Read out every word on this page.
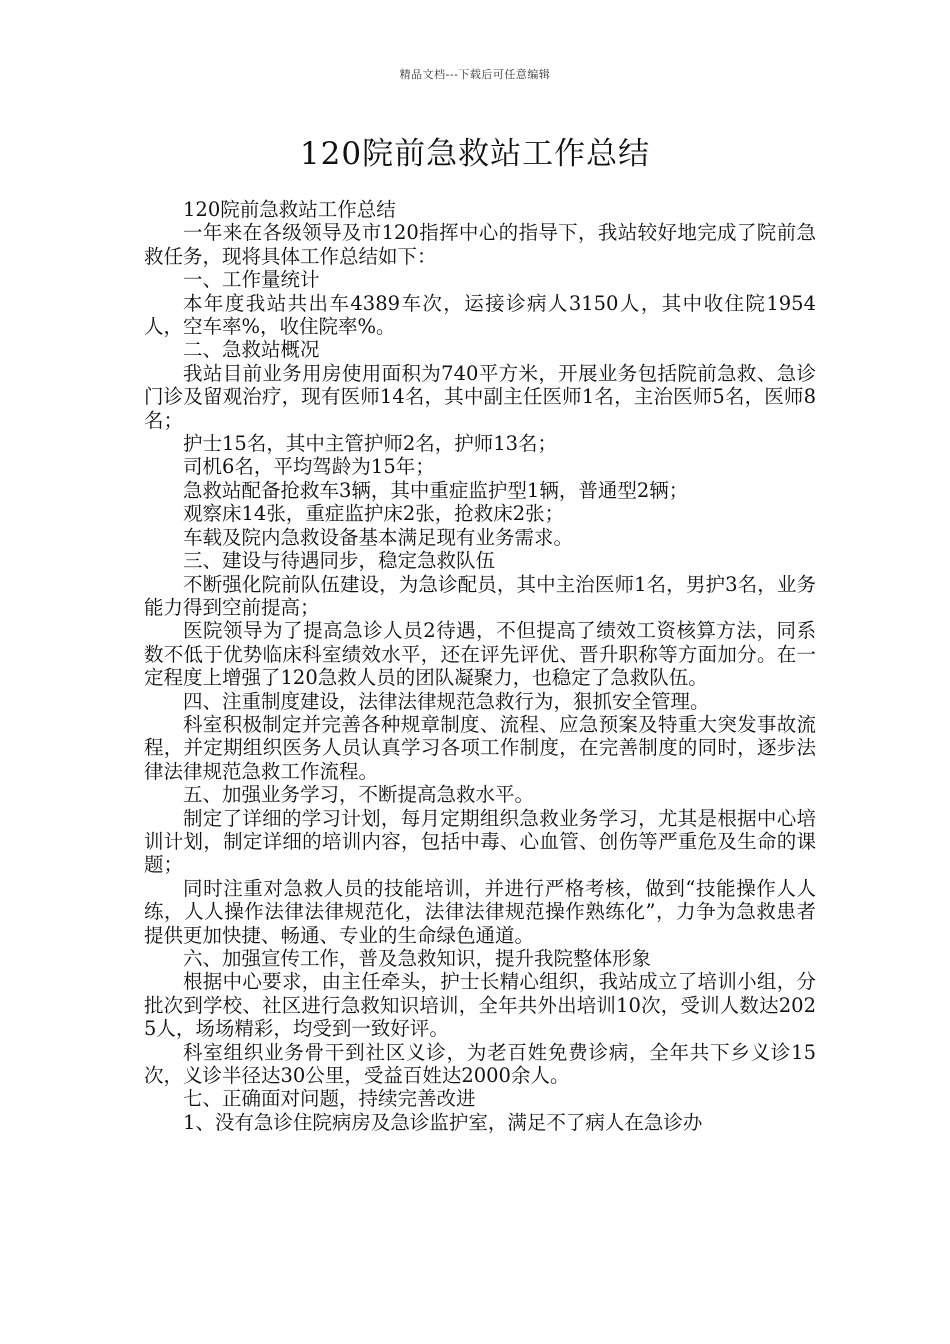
精品文档---下载后可任意编辑
120院前急救站工作总结

120院前急救站工作总结

一年来在各级领导及市120指挥中心的指导下，我站较好地完成了院前急救任务，现将具体工作总结如下：

一、工作量统计

本年度我站共出车4389车次，运接诊病人3150人，其中收住院1954人，空车率%，收住院率%。

二、急救站概况

我站目前业务用房使用面积为740平方米，开展业务包括院前急救、急诊门诊及留观治疗，现有医师14名，其中副主任医师1名，主治医师5名，医师8名；

护士15名，其中主管护师2名，护师13名；

司机6名，平均驾龄为15年；

急救站配备抢救车3辆，其中重症监护型1辆，普通型2辆；

观察床14张，重症监护床2张，抢救床2张；

车载及院内急救设备基本满足现有业务需求。

三、建设与待遇同步，稳定急救队伍

不断强化院前队伍建设，为急诊配员，其中主治医师1名，男护3名，业务能力得到空前提高；

医院领导为了提高急诊人员2待遇，不但提高了绩效工资核算方法，同系数不低于优势临床科室绩效水平，还在评先评优、晋升职称等方面加分。在一定程度上增强了120急救人员的团队凝聚力，也稳定了急救队伍。

四、注重制度建设，法律法律规范急救行为，狠抓安全管理。

科室积极制定并完善各种规章制度、流程、应急预案及特重大突发事故流程，并定期组织医务人员认真学习各项工作制度，在完善制度的同时，逐步法律法律规范急救工作流程。

五、加强业务学习，不断提高急救水平。

制定了详细的学习计划，每月定期组织急救业务学习，尤其是根据中心培训计划，制定详细的培训内容，包括中毒、心血管、创伤等严重危及生命的课题；

同时注重对急救人员的技能培训，并进行严格考核，做到“技能操作人人练，人人操作法律法律规范化，法律法律规范操作熟练化”，力争为急救患者提供更加快捷、畅通、专业的生命绿色通道。

六、加强宣传工作，普及急救知识，提升我院整体形象

根据中心要求，由主任牵头，护士长精心组织，我站成立了培训小组，分批次到学校、社区进行急救知识培训，全年共外出培训10次，受训人数达2025人，场场精彩，均受到一致好评。

科室组织业务骨干到社区义诊，为老百姓免费诊病，全年共下乡义诊15次，义诊半径达30公里，受益百姓达2000余人。

七、正确面对问题，持续完善改进

1、没有急诊住院病房及急诊监护室，满足不了病人在急诊办
